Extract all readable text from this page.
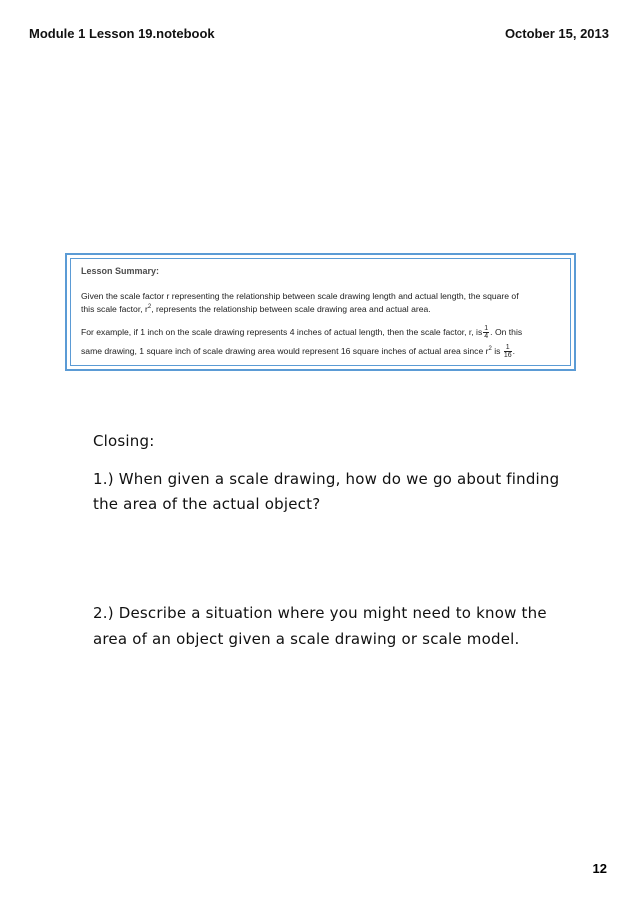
Module 1 Lesson 19.notebook	October 15, 2013
Lesson Summary:
Given the scale factor r representing the relationship between scale drawing length and actual length, the square of
this scale factor, $r^2$, represents the relationship between scale drawing area and actual area.
For example, if 1 inch on the scale drawing represents 4 inches of actual length, then the scale factor, r, is $\frac{1}{4}$ . On this
same drawing, 1 square inch of scale drawing area would represent 16 square inches of actual area since $r^2$ is $\frac{1}{16}$ .
Closing:
1.) When given a scale drawing, how do we go about finding
the area of the actual object?
2.) Describe a situation where you might need to know the
area of an object given a scale drawing or scale model.
12
